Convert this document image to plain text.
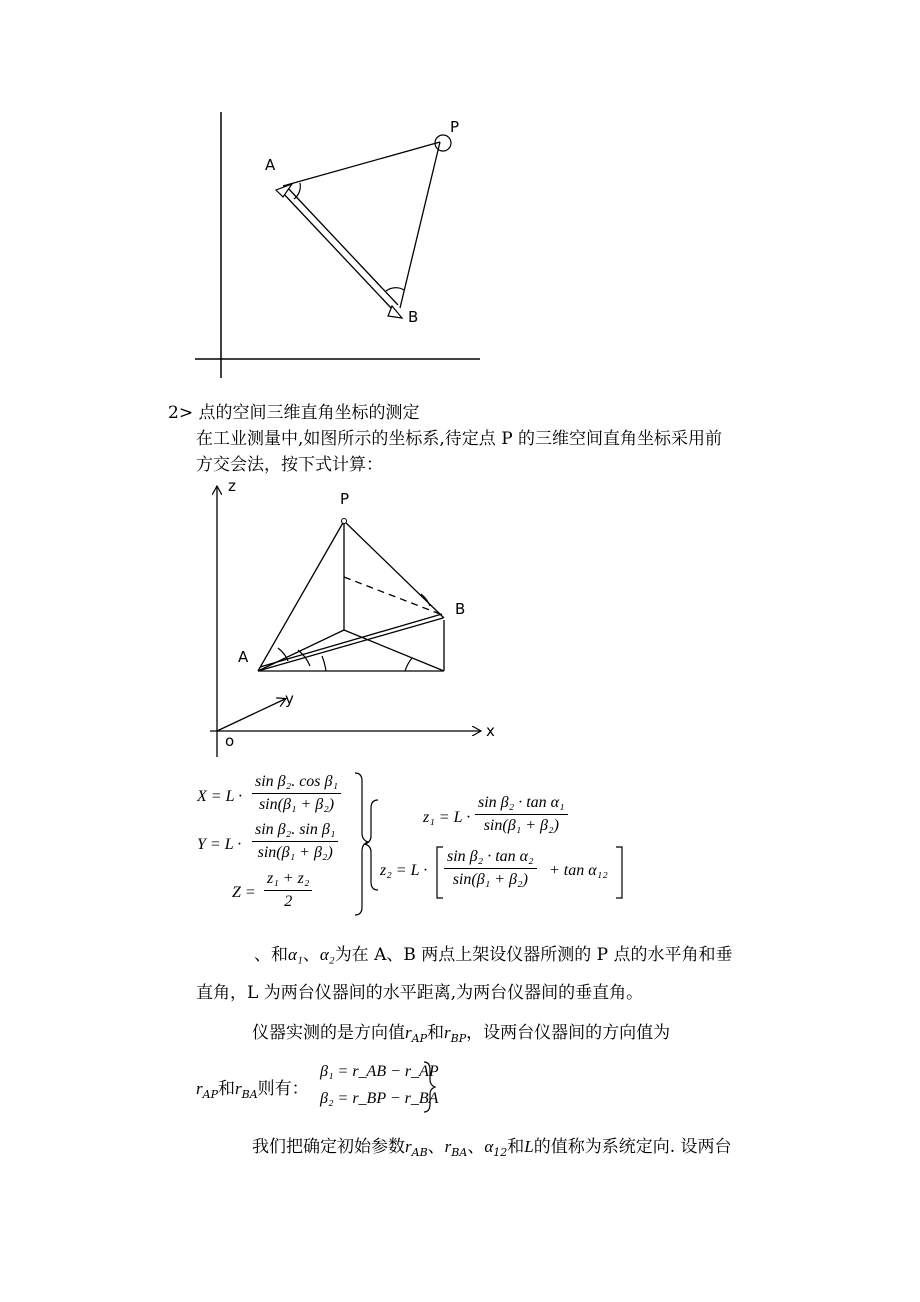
A
P
B
2> 点的空间三维直角坐标的测定
在工业测量中,如图所示的坐标系,待定点 P 的三维空间直角坐标采用前
方交会法，按下式计算：
z
P
B
A
y
x
o
$X = L \cdot \frac{\text{sin β₂. cos β₁}}{\text{sin(β₁ + β₂)}}$
$Y = L \cdot \frac{\text{sin β₂. sin β₁}}{\text{sin(β₁ + β₂)}}$
$Z = \frac{\text{z₁ + z₂}}{2}$
$z_1 = L \cdot \frac{\text{sin β₂ · tan α₁}}{\text{sin(β₁ + β₂)}}$
$z_2 = L \cdot \frac{\text{sin β₂ · tan α₂}}{\text{sin(β₁ + β₂)}} + \tan \alpha_{12}$
、和α₁、α₂为在 A、B 两点上架设仪器所测的 P 点的水平角和垂
直角，L 为两台仪器间的水平距离,为两台仪器间的垂直角。
仪器实测的是方向值$r_{AP}$和$r_{BP}$，设两台仪器间的方向值为
$r_{AP}$和$r_{BA}$则有：
β₁ = r_AB − r_AP
β₂ = r_BP − r_BA
我们把确定初始参数$r_{AB}$、$r_{BA}$、$\alpha_{12}$和L的值称为系统定向. 设两台
